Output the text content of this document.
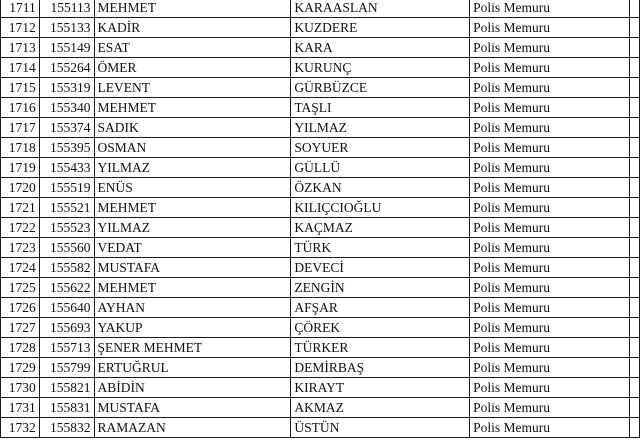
1711	155113	MEHMET	KARAASLAN	Polis Memuru	
1712	155133	KADİR	KUZDERE	Polis Memuru	
1713	155149	ESAT	KARA	Polis Memuru	
1714	155264	ÖMER	KURUNÇ	Polis Memuru	
1715	155319	LEVENT	GÜRBÜZCE	Polis Memuru	
1716	155340	MEHMET	TAŞLI	Polis Memuru	
1717	155374	SADIK	YILMAZ	Polis Memuru	
1718	155395	OSMAN	SOYUER	Polis Memuru	
1719	155433	YILMAZ	GÜLLÜ	Polis Memuru	
1720	155519	ENÜS	ÖZKAN	Polis Memuru	
1721	155521	MEHMET	KILIÇCIOĞLU	Polis Memuru	
1722	155523	YILMAZ	KAÇMAZ	Polis Memuru	
1723	155560	VEDAT	TÜRK	Polis Memuru	
1724	155582	MUSTAFA	DEVECİ	Polis Memuru	
1725	155622	MEHMET	ZENGİN	Polis Memuru	
1726	155640	AYHAN	AFŞAR	Polis Memuru	
1727	155693	YAKUP	ÇÖREK	Polis Memuru	
1728	155713	ŞENER MEHMET	TÜRKER	Polis Memuru	
1729	155799	ERTUĞRUL	DEMİRBAŞ	Polis Memuru	
1730	155821	ABİDİN	KIRAYT	Polis Memuru	
1731	155831	MUSTAFA	AKMAZ	Polis Memuru	
1732	155832	RAMAZAN	ÜSTÜN	Polis Memuru	
